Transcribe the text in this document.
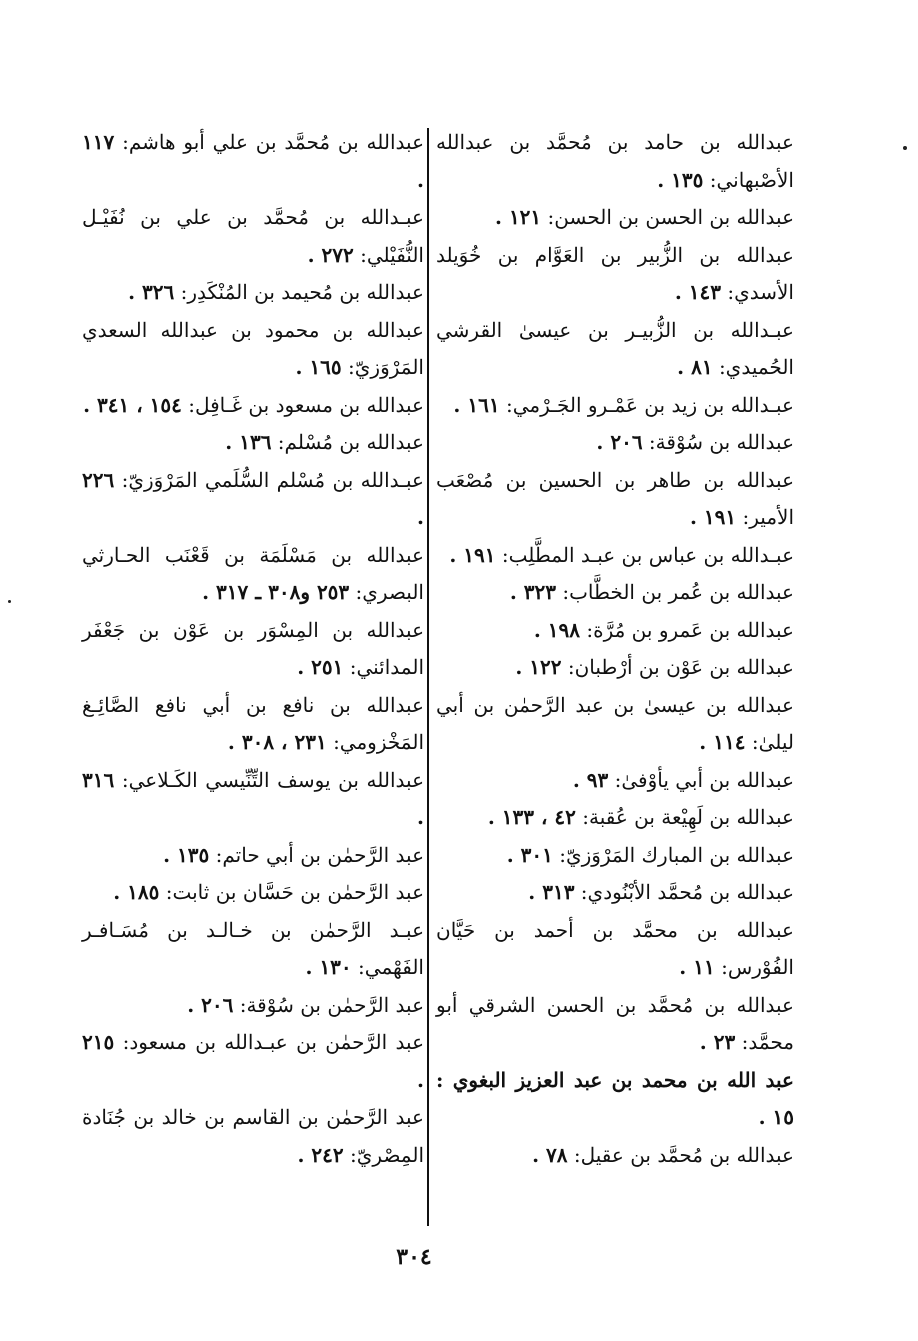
عبدالله بن حامد بن مُحمَّد بن عبدالله الأصْبهاني: ١٣٥ .
عبدالله بن الحسن بن الحسن: ١٢١ .
عبدالله بن الزُّبير بن العَوَّام بن خُوَيلد الأسدي: ١٤٣ .
عبـدالله بن الزُّبيـر بن عيسىٰ القرشي الحُميدي: ٨١ .
عبـدالله بن زيد بن عَمْـرو الجَـرْمي: ١٦١ .
عبدالله بن سُوْقة: ٢٠٦ .
عبدالله بن طاهر بن الحسين بن مُصْعَب الأمير: ١٩١ .
عبـدالله بن عباس بن عبـد المطَّلِب: ١٩١ .
عبدالله بن عُمر بن الخطَّاب: ٣٢٣ .
عبدالله بن عَمرو بن مُرَّة: ١٩٨ .
عبدالله بن عَوْن بن أرْطبان: ١٢٢ .
عبدالله بن عيسىٰ بن عبد الرَّحمٰن بن أبي ليلىٰ: ١١٤ .
عبدالله بن أبي يأوْفىٰ: ٩٣ .
عبدالله بن لَهِيْعة بن عُقبة: ٤٢ ، ١٣٣ .
عبدالله بن المبارك المَرْوَزيّ: ٣٠١ .
عبدالله بن مُحمَّد الأبْنُودي: ٣١٣ .
عبدالله بن محمَّد بن أحمد بن حَيَّان الفُوْرس: ١١ .
عبدالله بن مُحمَّد بن الحسن الشرقي أبو محمَّد: ٢٣ .
عبد الله بن محمد بن عبد العزيز البغوي : ١٥ .
عبدالله بن مُحمَّد بن عقيل: ٧٨ .
عبدالله بن مُحمَّد بن علي أبو هاشم: ١١٧ .
عبـدالله بن مُحمَّد بن علي بن نُفَيْـل النُّفَيْلي: ٢٧٢ .
عبدالله بن مُحيمد بن المُنْكَدِر: ٣٢٦ .
عبدالله بن محمود بن عبدالله السعدي المَرْوَزيّ: ١٦٥ .
عبدالله بن مسعود بن غَـافِل: ١٥٤ ، ٣٤١ .
عبدالله بن مُسْلم: ١٣٦ .
عبـدالله بن مُسْلم السُّلَمي المَرْوَزيّ: ٢٢٦ .
عبدالله بن مَسْلَمَة بن قَعْنَب الحـارثي البصري: ٢٥٣ و٣٠٨ ـ ٣١٧ .
عبدالله بن المِسْوَر بن عَوْن بن جَعْفَر المدائني: ٢٥١ .
عبدالله بن نافع بن أبي نافع الصَّائِـغ المَخْزومي: ٢٣١ ، ٣٠٨ .
عبدالله بن يوسف التِّنِّيسي الكَـلاعي: ٣١٦ .
عبد الرَّحمٰن بن أبي حاتم: ١٣٥ .
عبد الرَّحمٰن بن حَسَّان بن ثابت: ١٨٥ .
عبـد الرَّحمٰن بن خـالـد بن مُسَـافـر الفَهْمي: ١٣٠ .
عبد الرَّحمٰن بن سُوْقة: ٢٠٦ .
عبد الرَّحمٰن بن عبـدالله بن مسعود: ٢١٥ .
عبد الرَّحمٰن بن القاسم بن خالد بن جُنَادة المِصْريّ: ٢٤٢ .
٣٠٤
